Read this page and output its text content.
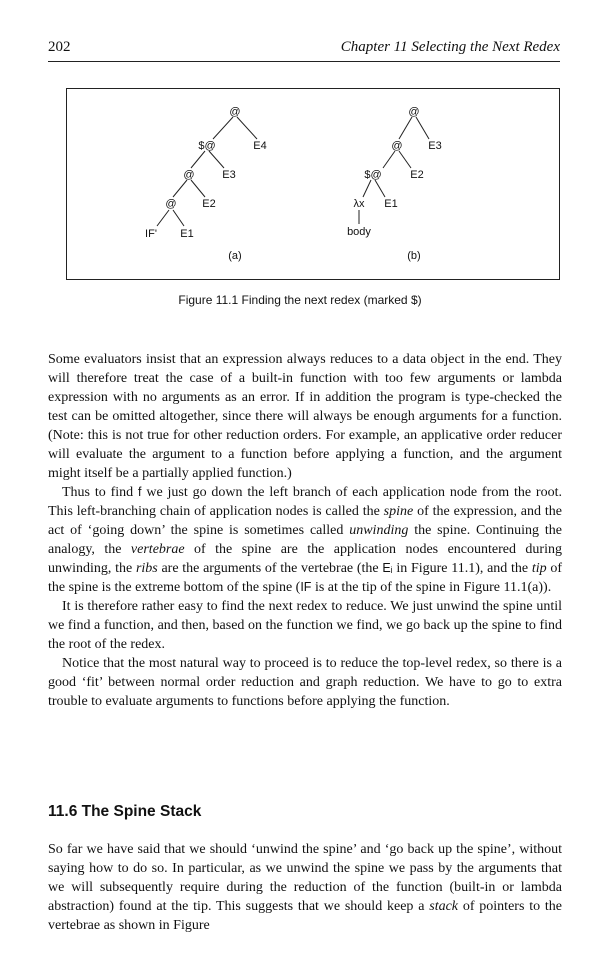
202	Chapter 11 Selecting the Next Redex
@
$@	E4
@	E3
@ E2
IF' E1
(a)
@
@ E3
$@	E2
λx E1
body
(b)
Figure 11.1 Finding the next redex (marked $)

Some evaluators insist that an expression always reduces to a data object in the end. They will therefore treat the case of a built-in function with too few arguments or lambda expression with no arguments as an error. If in addition the program is type-checked the test can be omitted altogether, since there will always be enough arguments for a function. (Note: this is not true for other reduction orders. For example, an applicative order reducer will evaluate the argument to a function before applying a function, and the argument might itself be a partially applied function.)

Thus to find f we just go down the left branch of each application node from the root. This left-branching chain of application nodes is called the spine of the expression, and the act of ‘going down’ the spine is sometimes called unwinding the spine. Continuing the analogy, the vertebrae of the spine are the application nodes encountered during unwinding, the ribs are the arguments of the vertebrae (the Eᵢ in Figure 11.1), and the tip of the spine is the extreme bottom of the spine (IF is at the tip of the spine in Figure 11.1(a)).

It is therefore rather easy to find the next redex to reduce. We just unwind the spine until we find a function, and then, based on the function we find, we go back up the spine to find the root of the redex.

Notice that the most natural way to proceed is to reduce the top-level redex, so there is a good ‘fit’ between normal order reduction and graph reduction. We have to go to extra trouble to evaluate arguments to functions before applying the function.

11.6 The Spine Stack

So far we have said that we should ‘unwind the spine’ and ‘go back up the spine’, without saying how to do so. In particular, as we unwind the spine we pass by the arguments that we will subsequently require during the reduction of the function (built-in or lambda abstraction) found at the tip. This suggests that we should keep a stack of pointers to the vertebrae as shown in Figure
